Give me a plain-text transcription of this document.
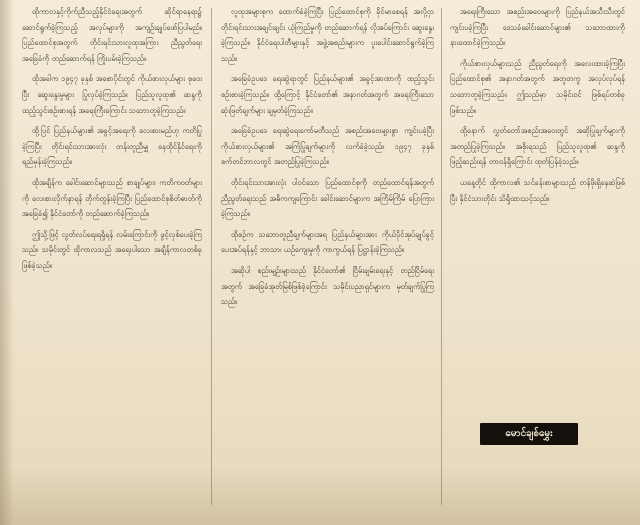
ထိုကာလနှင့်ကိုက်ညီသည့်နိုင်ငံရေးအတွက် ဆိုင်ရာနေရာ၌ ဆောင်ရွက်ခဲ့ကြသည့် အလုပ်များကို အကျဉ်းချုပ်ဖော်ပြပါမည်။ ပြည်ထောင်စုအတွက် တိုင်းရင်းသားလူထုအကြား ညီညွတ်ရေးအခြေခံကို တည်ဆောက်ရန် ကြိုးပမ်းခဲ့ကြသည်။

ထိုအခါက ၁၉၄၇ ခုနှစ် အစောပိုင်းတွင် ကိုယ်စားလှယ်များ စုဝေးပြီး ဆွေးနွေးမှုများ ပြုလုပ်ခဲ့ကြသည်။ ပြည်သူလူထု၏ ဆန္ဒကို ထည့်သွင်းစဉ်းစားရန် အရေးကြီးကြောင်း သဘောတူခဲ့ကြသည်။

ထို့ပြင် ပြည်နယ်များ၏ အခွင့်အရေးကို လေးစားမည်ဟု ကတိပြုခဲ့ကြပြီး တိုင်းရင်းသားအားလုံး တန်းတူညီမျှ နေထိုင်နိုင်ရေးကို ရည်မှန်းခဲ့ကြသည်။

ထိုအချိန်က ခေါင်းဆောင်များသည် စာချုပ်များ၊ ကတိကဝတ်များကို လေးစားလိုက်နာရန် တိုက်တွန်းခဲ့ကြပြီး ပြည်ထောင်စုစိတ်ဓာတ်ကို အခြေခံ၍ နိုင်ငံတော်ကို တည်ဆောက်ခဲ့ကြသည်။

ဤသို့ဖြင့် လွတ်လပ်ရေးရရှိရန် လမ်းကြောင်းကို ဖွင့်လှစ်ပေးခဲ့ကြသည်။ သမိုင်းတွင် ထိုကာလသည် အရေးပါသော အချိန်ကာလတစ်ခု ဖြစ်ခဲ့သည်။

လူထုအများစုက ထောက်ခံခဲ့ကြပြီး ပြည်ထောင်စုကို ခိုင်မာစေရန် အလို့ငှာ တိုင်းရင်းသားအချင်းချင်း ယုံကြည်မှုကို တည်ဆောက်ရန် လိုအပ်ကြောင်း ဆွေးနွေးခဲ့ကြသည်။ နိုင်ငံရေးပါတီများနှင့် အဖွဲ့အစည်းများက ပူးပေါင်းဆောင်ရွက်ခဲ့ကြသည်။

အခြေခံဥပဒေ ရေးဆွဲရာတွင် ပြည်နယ်များ၏ အခွင့်အာဏာကို ထည့်သွင်းစဉ်းစားခဲ့ကြသည်။ ထို့ကြောင့် နိုင်ငံတော်၏ အနာဂတ်အတွက် အရေးကြီးသော ဆုံးဖြတ်ချက်များ ချမှတ်ခဲ့ကြသည်။

အခြေခံဥပဒေ ရေးဆွဲရေးကော်မတီသည် အစည်းအဝေးများစွာ ကျင်းပခဲ့ပြီး ကိုယ်စားလှယ်များ၏ အကြံပြုချက်များကို လက်ခံခဲ့သည်။ ၁၉၄၇ ခုနှစ် စက်တင်ဘာလတွင် အတည်ပြုခဲ့ကြသည်။

တိုင်းရင်းသားအားလုံး ပါဝင်သော ပြည်ထောင်စုကို တည်ထောင်ရန်အတွက် ညီညွတ်ရေးသည် အဓိကကျကြောင်း ခေါင်းဆောင်များက အကြိမ်ကြိမ် ပြောကြားခဲ့ကြသည်။

ထိုစဉ်က သဘောတူညီချက်များအရ ပြည်နယ်များအား ကိုယ်ပိုင်အုပ်ချုပ်ခွင့် ပေးအပ်ရန်နှင့် ဘာသာ၊ ယဉ်ကျေးမှုကို ကာကွယ်ရန် ပြဋ္ဌာန်းခဲ့ကြသည်။

အဆိုပါ စည်းမျဉ်းများသည် နိုင်ငံတော်၏ ငြိမ်းချမ်းရေးနှင့် တည်ငြိမ်ရေးအတွက် အခြေခံအုတ်မြစ်ဖြစ်ခဲ့ကြောင်း သမိုင်းပညာရှင်များက မှတ်ချက်ပြုကြသည်။

အရေးကြီးသော အစည်းအဝေးများကို ပြည်နယ်အသီးသီးတွင် ကျင်းပခဲ့ကြပြီး ဒေသခံခေါင်းဆောင်များ၏ သဘောထားကို နားထောင်ခဲ့ကြသည်။

ကိုယ်စားလှယ်များသည် ညီညွတ်ရေးကို အလေးထားခဲ့ကြပြီး ပြည်ထောင်စု၏ အနာဂတ်အတွက် အတူတကွ အလုပ်လုပ်ရန် သဘောတူခဲ့ကြသည်။ ဤသည်မှာ သမိုင်းဝင် ဖြစ်ရပ်တစ်ခုဖြစ်သည်။

ထို့နောက် လွှတ်တော်အစည်းအဝေးတွင် အဆိုပြုချက်များကို အတည်ပြုခဲ့ကြသည်။ အစိုးရသည် ပြည်သူလူထု၏ ဆန္ဒကို ဖြည့်ဆည်းရန် တာဝန်ရှိကြောင်း ထုတ်ပြန်ခဲ့သည်။

ယနေ့တိုင် ထိုကာလ၏ သင်ခန်းစာများသည် တန်ဖိုးရှိနေဆဲဖြစ်ပြီး နိုင်ငံသားတိုင်း သိရှိထားသင့်သည်။

မောင်ချစ်မွှေး
